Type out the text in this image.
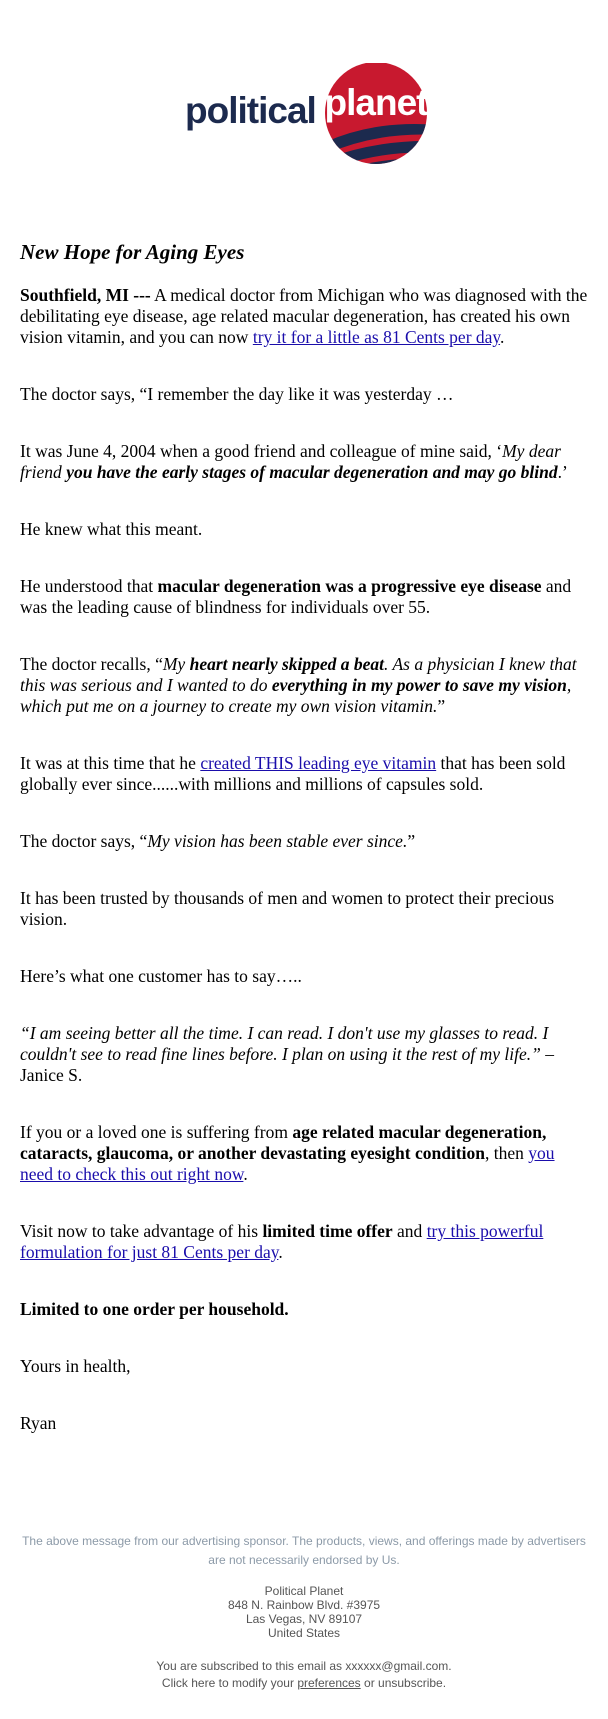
political planet
New Hope for Aging Eyes

Southfield, MI --- A medical doctor from Michigan who was diagnosed with the debilitating eye disease, age related macular degeneration, has created his own vision vitamin, and you can now try it for a little as 81 Cents per day.

The doctor says, “I remember the day like it was yesterday …

It was June 4, 2004 when a good friend and colleague of mine said, ‘My dear friend you have the early stages of macular degeneration and may go blind.’

He knew what this meant.

He understood that macular degeneration was a progressive eye disease and was the leading cause of blindness for individuals over 55.

The doctor recalls, “My heart nearly skipped a beat. As a physician I knew that this was serious and I wanted to do everything in my power to save my vision, which put me on a journey to create my own vision vitamin.”

It was at this time that he created THIS leading eye vitamin that has been sold globally ever since......with millions and millions of capsules sold.

The doctor says, “My vision has been stable ever since.”

It has been trusted by thousands of men and women to protect their precious vision.

Here’s what one customer has to say…..

“I am seeing better all the time. I can read. I don't use my glasses to read. I couldn't see to read fine lines before. I plan on using it the rest of my life.” – Janice S.

If you or a loved one is suffering from age related macular degeneration, cataracts, glaucoma, or another devastating eyesight condition, then you need to check this out right now.

Visit now to take advantage of his limited time offer and try this powerful formulation for just 81 Cents per day.

Limited to one order per household.

Yours in health,

Ryan

The above message from our advertising sponsor. The products, views, and offerings made by advertisers are not necessarily endorsed by Us.
Political Planet
848 N. Rainbow Blvd. #3975
Las Vegas, NV 89107
United States
You are subscribed to this email as xxxxxx@gmail.com.
Click here to modify your preferences or unsubscribe.
